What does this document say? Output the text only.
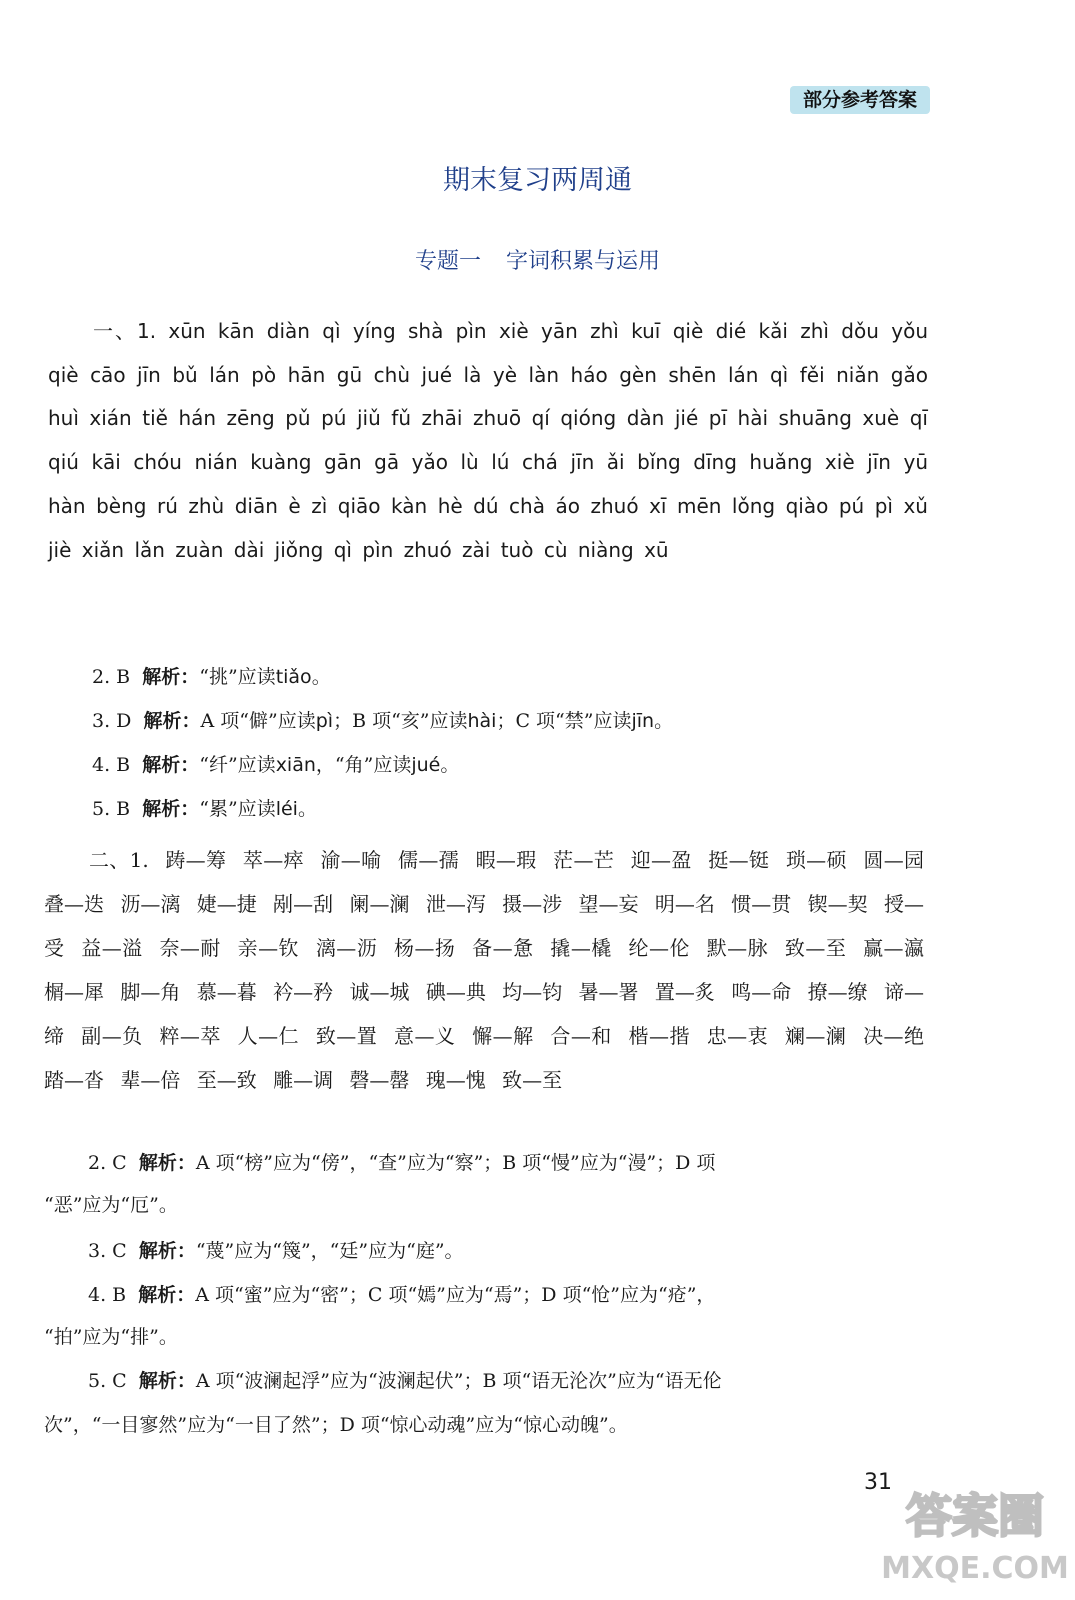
部分参考答案
期末复习两周通
专题一 字词积累与运用
一、1. xūn kān diàn qì yíng shà pìn xiè yān zhì kuī qiè dié kǎi zhì dǒu yǒu qiè cāo jīn bǔ lán pò hān gū chù jué là yè làn háo gèn shēn lán qì fěi niǎn gǎo huì xián tiě hán zēng pǔ pú jiǔ fǔ zhāi zhuō qí qióng dàn jié pī hài shuāng xuè qī qiú kāi chóu nián kuàng gān gā yǎo lù lú chá jīn ǎi bǐng dīng huǎng xiè jīn yū hàn bèng rú zhù diān è zì qiāo kàn hè dú chà áo zhuó xī mēn lǒng qiào pú pì xǔ jiè xiǎn lǎn zuàn dài jiǒng qì pìn zhuó zài tuò cù niàng xū
2. B 解析：“挑”应读tiǎo。
3. D 解析：A 项“僻”应读pì；B 项“亥”应读hài；C 项“禁”应读jīn。
4. B 解析：“纤”应读xiān，“角”应读jué。
5. B 解析：“累”应读léi。
二、1. 踌—筹 萃—瘁 渝—喻 儒—孺 暇—瑕 茫—芒 迎—盈 挺—铤 琐—硕 圆—园 叠—迭 沥—漓 婕—捷 剐—刮 阑—澜 泄—泻 摄—涉 望—妄 明—名 惯—贯 锲—契 授—受 益—溢 奈—耐 亲—钦 漓—沥 杨—扬 备—惫 撬—橇 纶—伦 默—脉 致—至 赢—瀛 榍—犀 脚—角 慕—暮 衿—矜 诚—城 碘—典 均—钧 暑—署 置—炙 鸣—命 撩—缭 谛—缔 副—负 粹—萃 人—仁 致—置 意—义 懈—解 合—和 楷—揩 忠—衷 斓—澜 决—绝 踏—沓 辈—倍 至—致 雕—调 磬—罄 瑰—愧 致—至
2. C 解析：A 项“榜”应为“傍”，“查”应为“察”；B 项“慢”应为“漫”；D 项
“恶”应为“厄”。
3. C 解析：“蔑”应为“篾”，“廷”应为“庭”。
4. B 解析：A 项“蜜”应为“密”；C 项“嫣”应为“焉”；D 项“怆”应为“疮”，
“拍”应为“排”。
5. C 解析：A 项“波澜起浮”应为“波澜起伏”；B 项“语无沦次”应为“语无伦
次”，“一目寥然”应为“一目了然”；D 项“惊心动魂”应为“惊心动魄”。
31
答案圈
MXQE.COM
